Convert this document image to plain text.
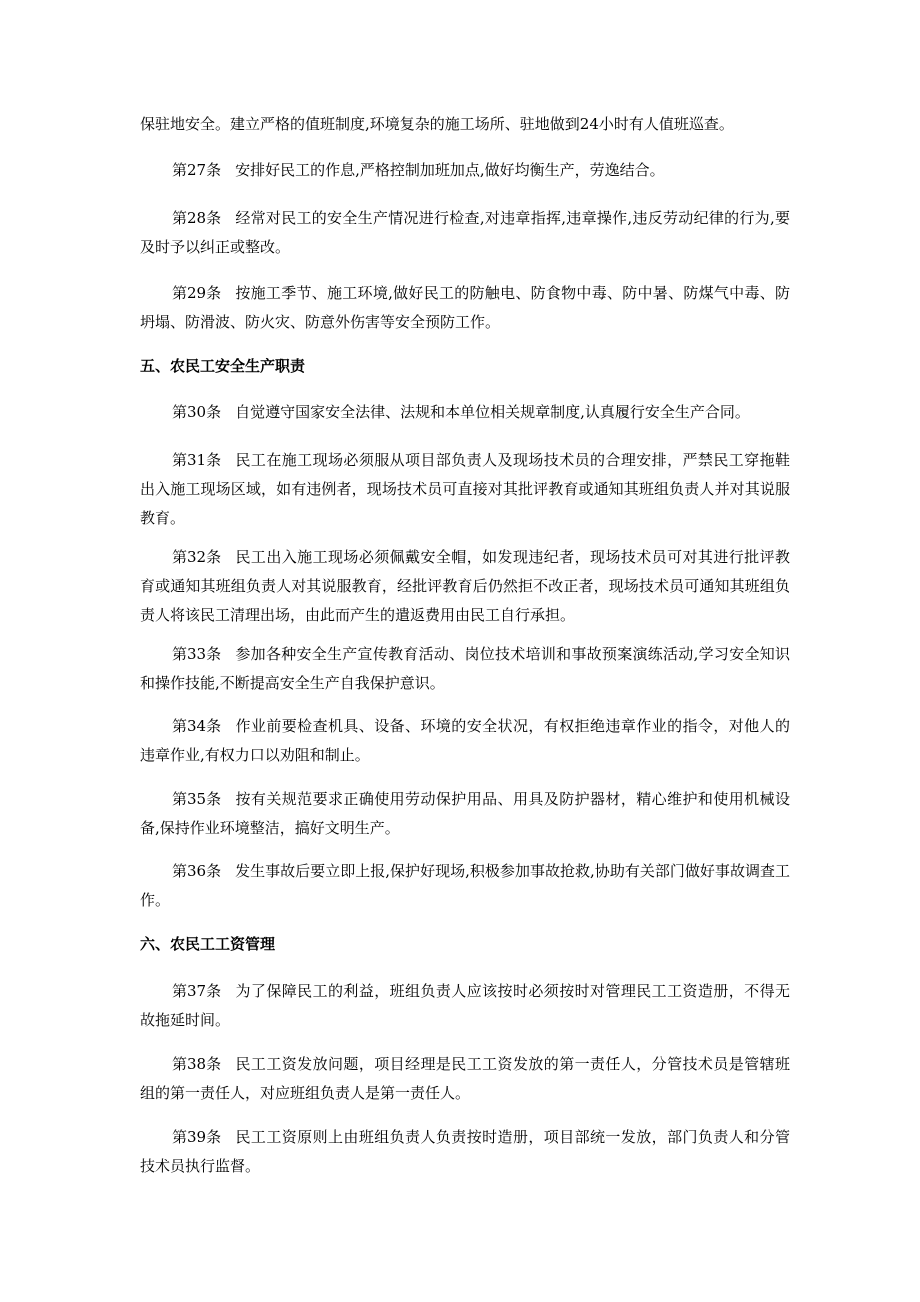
保驻地安全。建立严格的值班制度,环境复杂的施工场所、驻地做到24小时有人值班巡查。

第27条 安排好民工的作息,严格控制加班加点,做好均衡生产，劳逸结合。

第28条 经常对民工的安全生产情况进行检查,对违章指挥,违章操作,违反劳动纪律的行为,要及时予以纠正或整改。

第29条 按施工季节、施工环境,做好民工的防触电、防食物中毒、防中暑、防煤气中毒、防坍塌、防滑波、防火灾、防意外伤害等安全预防工作。

五、农民工安全生产职责

第30条 自觉遵守国家安全法律、法规和本单位相关规章制度,认真履行安全生产合同。

第31条 民工在施工现场必须服从项目部负责人及现场技术员的合理安排，严禁民工穿拖鞋出入施工现场区域，如有违例者，现场技术员可直接对其批评教育或通知其班组负责人并对其说服教育。

第32条 民工出入施工现场必须佩戴安全帽，如发现违纪者，现场技术员可对其进行批评教育或通知其班组负责人对其说服教育，经批评教育后仍然拒不改正者，现场技术员可通知其班组负责人将该民工清理出场，由此而产生的遣返费用由民工自行承担。

第33条 参加各种安全生产宣传教育活动、岗位技术培训和事故预案演练活动,学习安全知识和操作技能,不断提高安全生产自我保护意识。

第34条 作业前要检查机具、设备、环境的安全状况，有权拒绝违章作业的指令，对他人的违章作业,有权力口以劝阻和制止。

第35条 按有关规范要求正确使用劳动保护用品、用具及防护器材，精心维护和使用机械设备,保持作业环境整洁，搞好文明生产。

第36条 发生事故后要立即上报,保护好现场,积极参加事故抢救,协助有关部门做好事故调查工作。

六、农民工工资管理

第37条 为了保障民工的利益，班组负责人应该按时必须按时对管理民工工资造册，不得无故拖延时间。

第38条 民工工资发放问题，项目经理是民工工资发放的第一责任人，分管技术员是管辖班组的第一责任人，对应班组负责人是第一责任人。

第39条 民工工资原则上由班组负责人负责按时造册，项目部统一发放，部门负责人和分管技术员执行监督。
